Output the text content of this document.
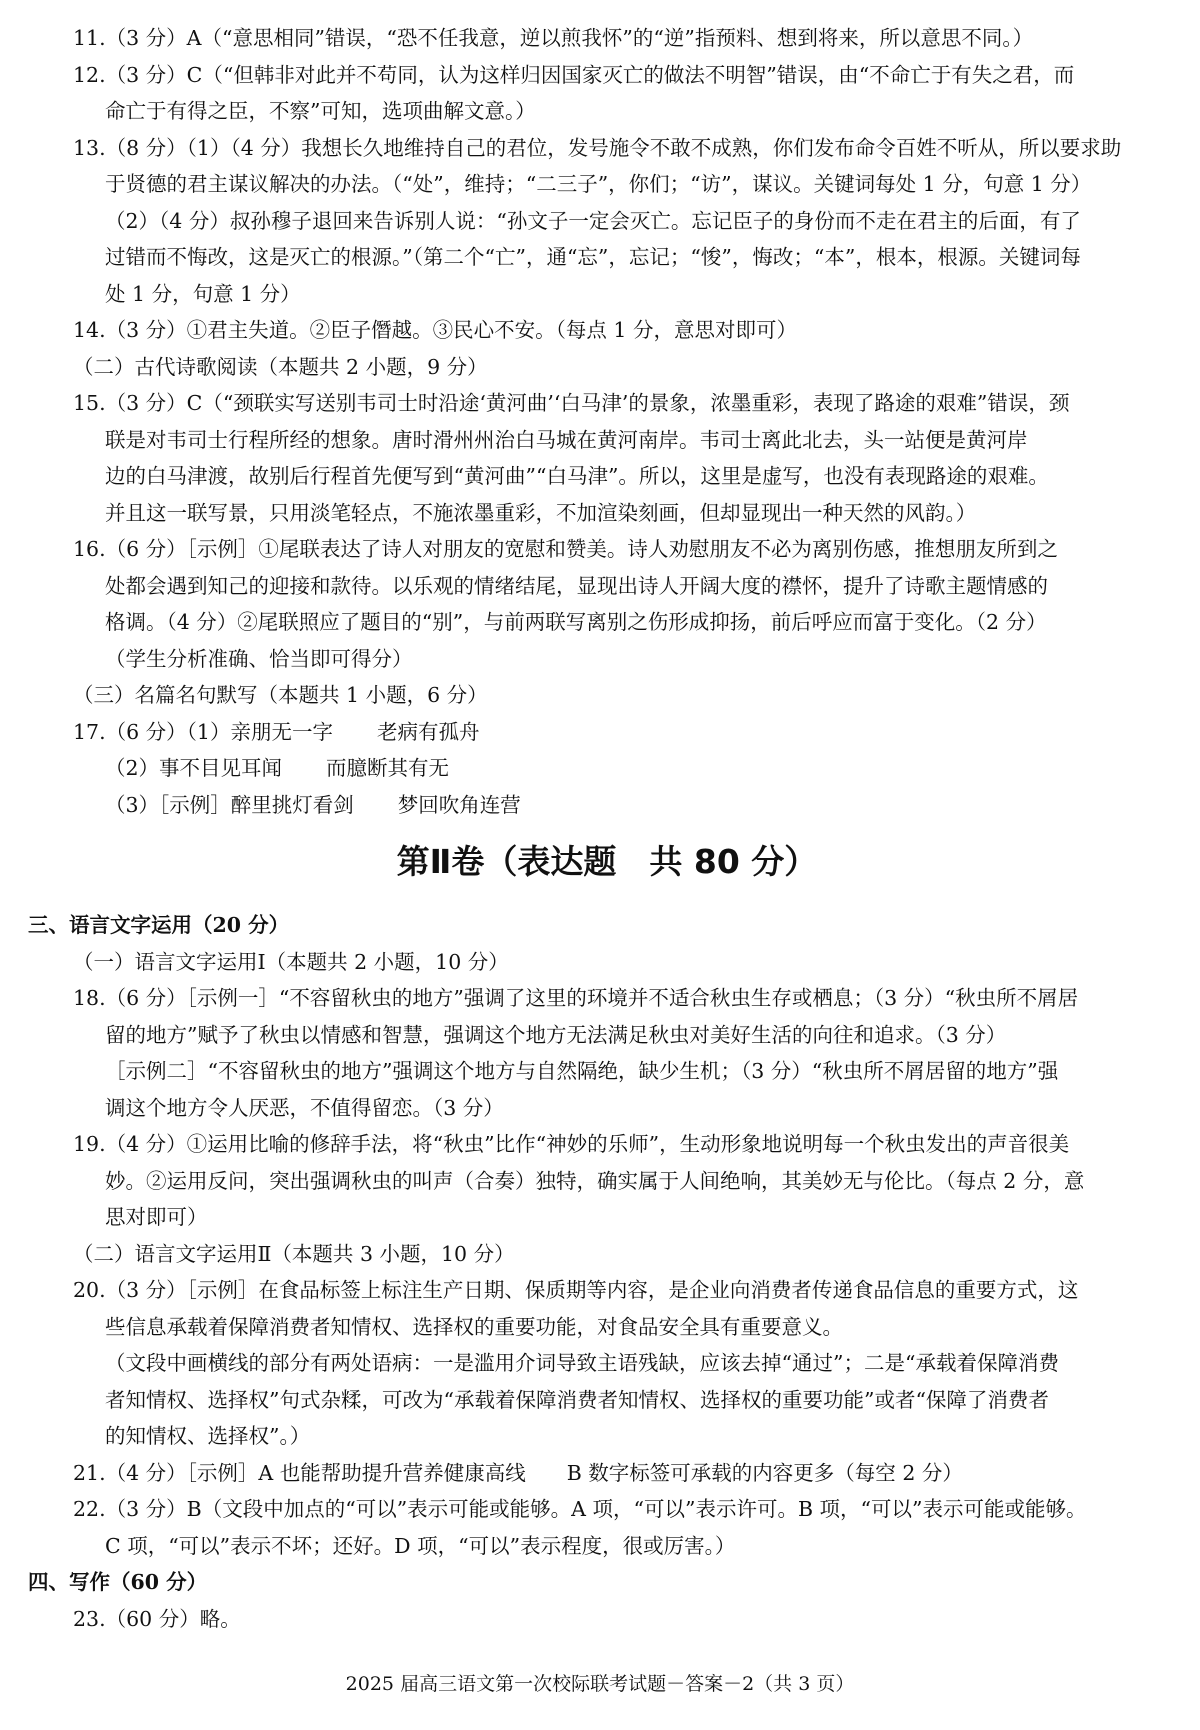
11.（3 分）A（“意思相同”错误，“恐不任我意，逆以煎我怀”的“逆”指预料、想到将来，所以意思不同。）
12.（3 分）C（“但韩非对此并不苟同，认为这样归因国家灭亡的做法不明智”错误，由“不命亡于有失之君，而
命亡于有得之臣，不察”可知，选项曲解文意。）
13.（8 分）（1）（4 分）我想长久地维持自己的君位，发号施令不敢不成熟，你们发布命令百姓不听从，所以要求助
于贤德的君主谋议解决的办法。（“处”，维持；“二三子”，你们；“访”，谋议。关键词每处 1 分，句意 1 分）
（2）（4 分）叔孙穆子退回来告诉别人说：“孙文子一定会灭亡。忘记臣子的身份而不走在君主的后面，有了
过错而不悔改，这是灭亡的根源。”（第二个“亡”，通“忘”，忘记；“悛”，悔改；“本”，根本，根源。关键词每
处 1 分，句意 1 分）
14.（3 分）①君主失道。②臣子僭越。③民心不安。（每点 1 分，意思对即可）
（二）古代诗歌阅读（本题共 2 小题，9 分）
15.（3 分）C（“颈联实写送别韦司士时沿途‘黄河曲’‘白马津’的景象，浓墨重彩，表现了路途的艰难”错误，颈
联是对韦司士行程所经的想象。唐时滑州州治白马城在黄河南岸。韦司士离此北去，头一站便是黄河岸
边的白马津渡，故别后行程首先便写到“黄河曲”“白马津”。所以，这里是虚写，也没有表现路途的艰难。
并且这一联写景，只用淡笔轻点，不施浓墨重彩，不加渲染刻画，但却显现出一种天然的风韵。）
16.（6 分）［示例］①尾联表达了诗人对朋友的宽慰和赞美。诗人劝慰朋友不必为离别伤感，推想朋友所到之
处都会遇到知己的迎接和款待。以乐观的情绪结尾，显现出诗人开阔大度的襟怀，提升了诗歌主题情感的
格调。（4 分）②尾联照应了题目的“别”，与前两联写离别之伤形成抑扬，前后呼应而富于变化。（2 分）
（学生分析准确、恰当即可得分）
（三）名篇名句默写（本题共 1 小题，6 分）
17.（6 分）（1）亲朋无一字 老病有孤舟
（2）事不目见耳闻 而臆断其有无
（3）［示例］醉里挑灯看剑 梦回吹角连营
第Ⅱ卷（表达题　共 80 分）
三、语言文字运用（20 分）
（一）语言文字运用Ⅰ（本题共 2 小题，10 分）
18.（6 分）［示例一］“不容留秋虫的地方”强调了这里的环境并不适合秋虫生存或栖息；（3 分）“秋虫所不屑居
留的地方”赋予了秋虫以情感和智慧，强调这个地方无法满足秋虫对美好生活的向往和追求。（3 分）
［示例二］“不容留秋虫的地方”强调这个地方与自然隔绝，缺少生机；（3 分）“秋虫所不屑居留的地方”强
调这个地方令人厌恶，不值得留恋。（3 分）
19.（4 分）①运用比喻的修辞手法，将“秋虫”比作“神妙的乐师”，生动形象地说明每一个秋虫发出的声音很美
妙。②运用反问，突出强调秋虫的叫声（合奏）独特，确实属于人间绝响，其美妙无与伦比。（每点 2 分，意
思对即可）
（二）语言文字运用Ⅱ（本题共 3 小题，10 分）
20.（3 分）［示例］在食品标签上标注生产日期、保质期等内容，是企业向消费者传递食品信息的重要方式，这
些信息承载着保障消费者知情权、选择权的重要功能，对食品安全具有重要意义。
（文段中画横线的部分有两处语病：一是滥用介词导致主语残缺，应该去掉“通过”；二是“承载着保障消费
者知情权、选择权”句式杂糅，可改为“承载着保障消费者知情权、选择权的重要功能”或者“保障了消费者
的知情权、选择权”。）
21.（4 分）［示例］A 也能帮助提升营养健康高线　　B 数字标签可承载的内容更多（每空 2 分）
22.（3 分）B（文段中加点的“可以”表示可能或能够。A 项，“可以”表示许可。B 项，“可以”表示可能或能够。
C 项，“可以”表示不坏；还好。D 项，“可以”表示程度，很或厉害。）
四、写作（60 分）
23.（60 分）略。
2025 届高三语文第一次校际联考试题－答案－2（共 3 页）
